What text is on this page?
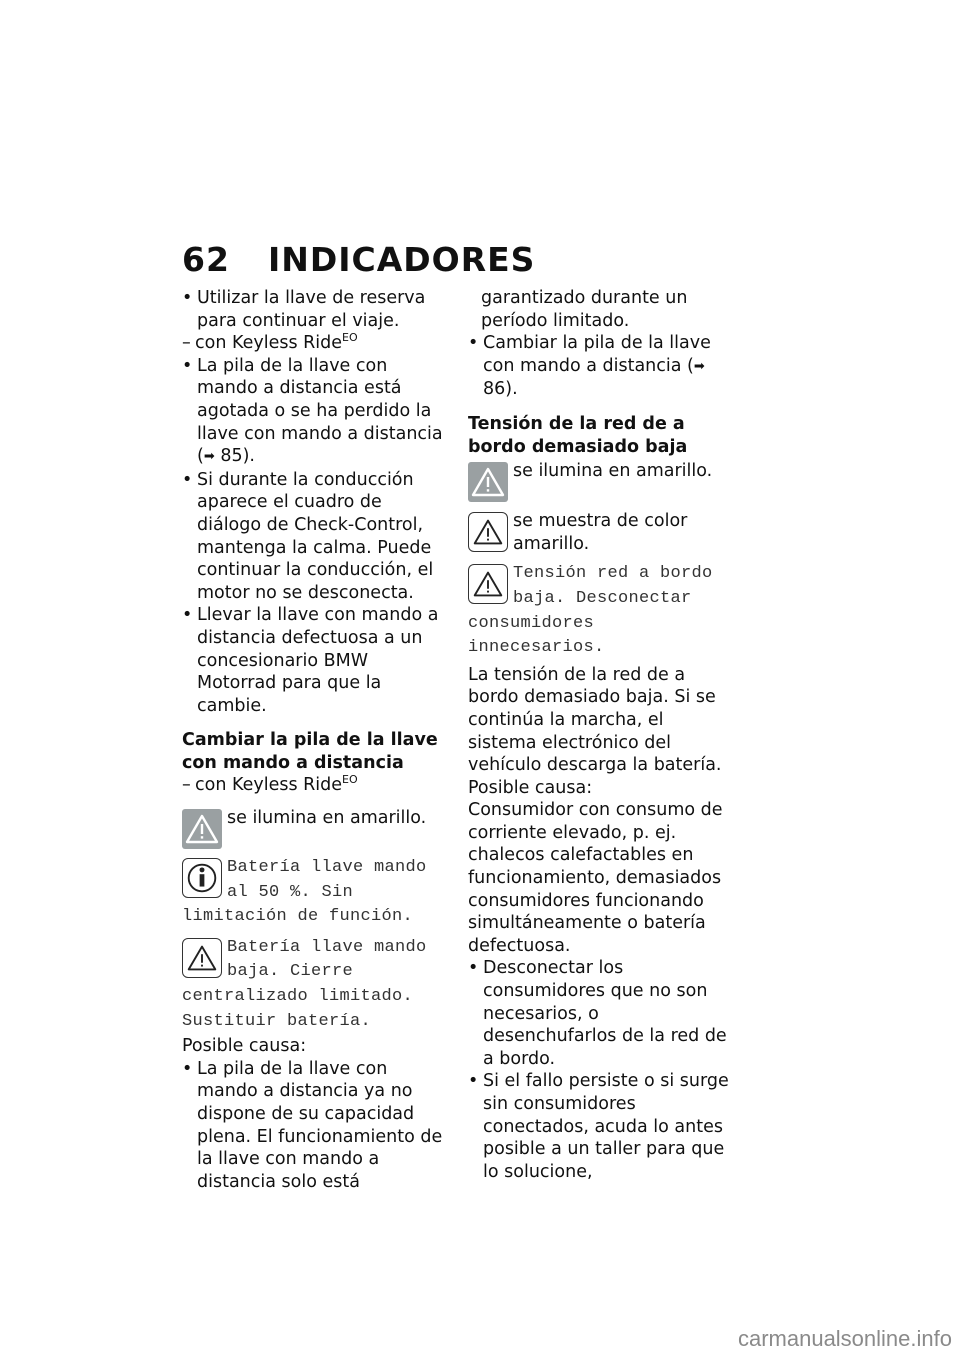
62 INDICADORES

• Utilizar la llave de reserva para continuar el viaje.

– con Keyless Ride$^{EO}$

• La pila de la llave con mando a distancia está agotada o se ha perdido la llave con mando a distancia (➡ 85).

• Si durante la conducción aparece el cuadro de diálogo de Check-Control, mantenga la calma. Puede continuar la conducción, el motor no se desconecta.

• Llevar la llave con mando a distancia defectuosa a un concesionario BMW Motorrad para que la cambie.

Cambiar la pila de la llave con mando a distancia

– con Keyless Ride$^{EO}$

se ilumina en amarillo.

Batería llave mando al 50 %. Sin limitación de función.
Batería llave mando baja. Cierre centralizado limitado. Sustituir batería.

Posible causa:

• La pila de la llave con mando a distancia ya no dispone de su capacidad plena. El funcionamiento de la llave con mando a distancia solo está

garantizado durante un período limitado.

• Cambiar la pila de la llave con mando a distancia (➡ 86).

Tensión de la red de a bordo demasiado baja

se ilumina en amarillo.

se muestra de color amarillo.

Tensión red a bordo baja. Desconectar consumidores innecesarios.

La tensión de la red de a bordo demasiado baja. Si se continúa la marcha, el sistema electrónico del vehículo descarga la batería.

Posible causa:

Consumidor con consumo de corriente elevado, p. ej. chalecos calefactables en funcionamiento, demasiados consumidores funcionando simultáneamente o batería defectuosa.

• Desconectar los consumidores que no son necesarios, o desenchufarlos de la red de a bordo.

• Si el fallo persiste o si surge sin consumidores conectados, acuda lo antes posible a un taller para que lo solucione,

carmanualsonline.info
